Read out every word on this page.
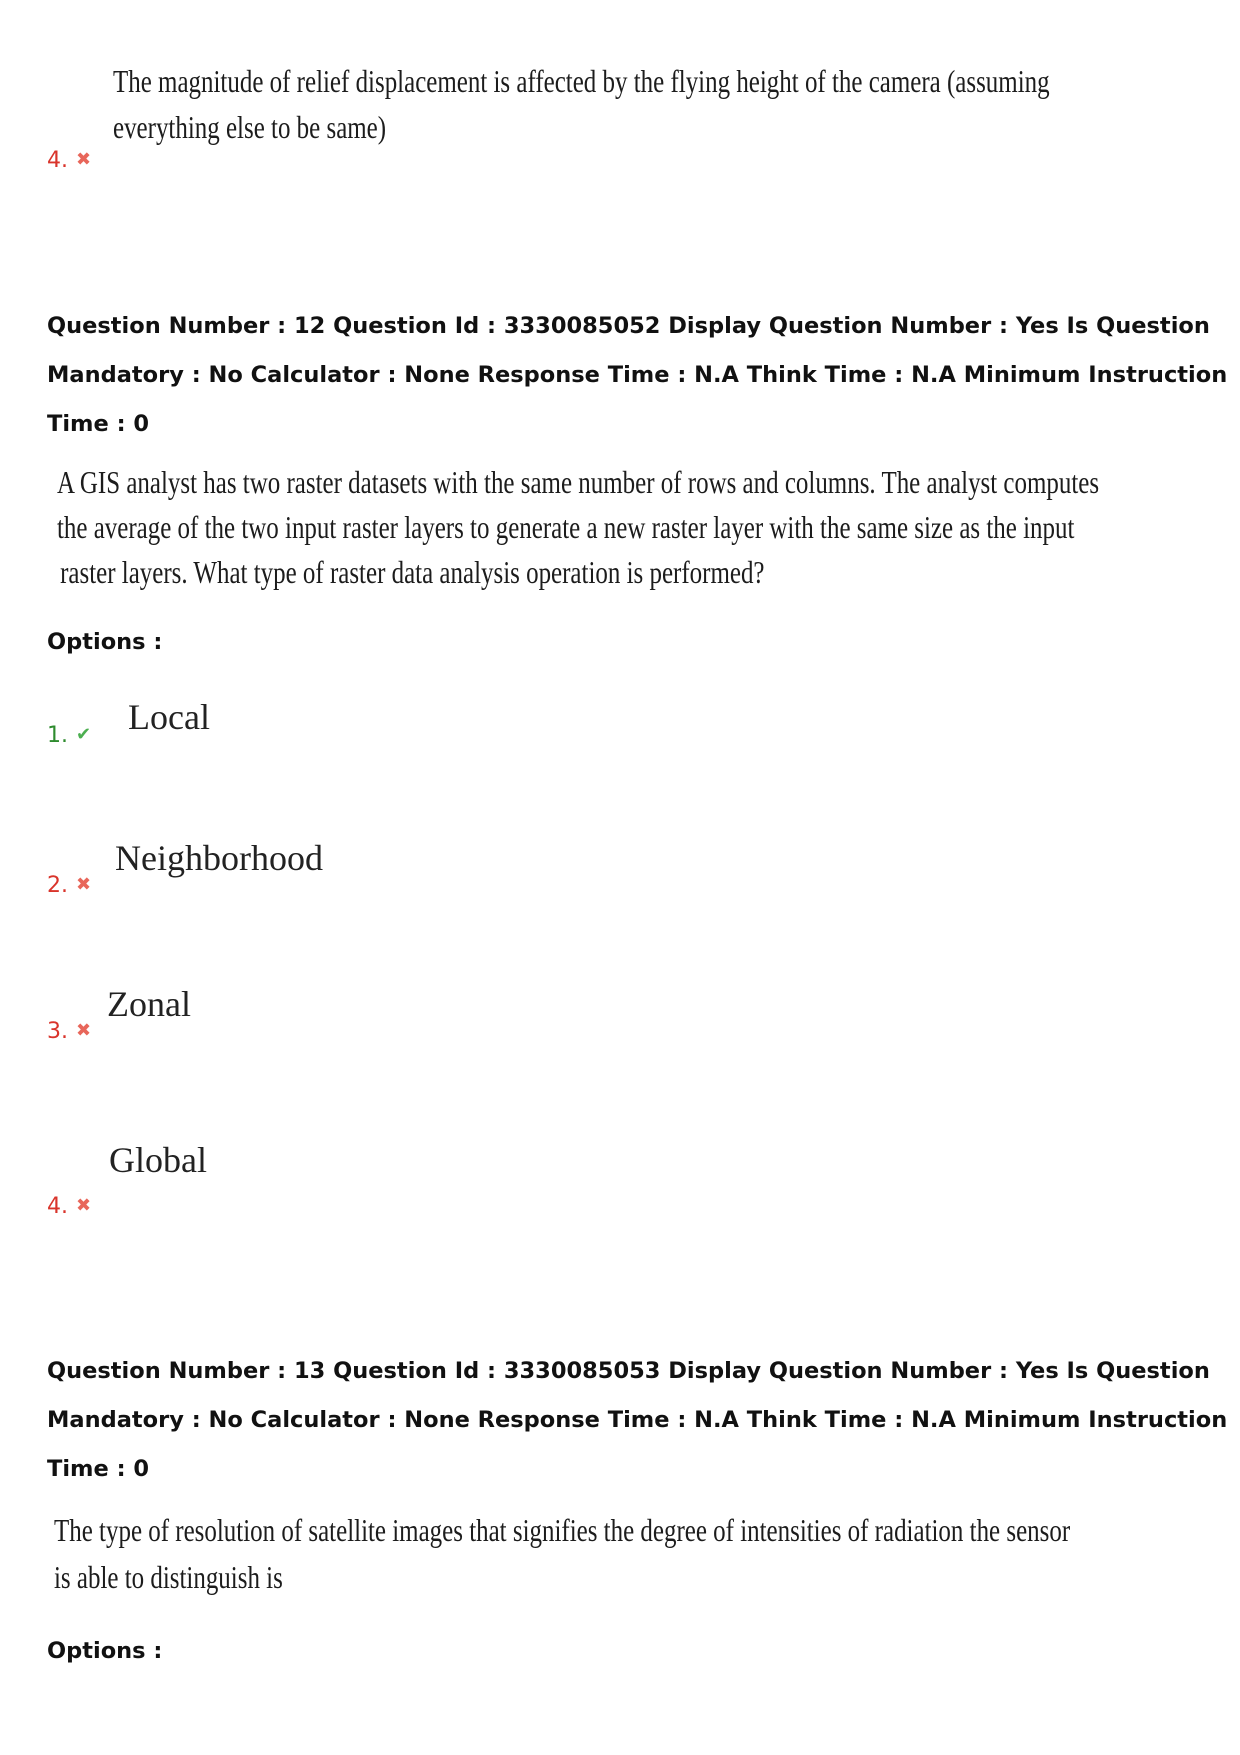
The magnitude of relief displacement is affected by the flying height of the camera (assuming
everything else to be same)
4. ✖
Question Number : 12 Question Id : 3330085052 Display Question Number : Yes Is Question
Mandatory : No Calculator : None Response Time : N.A Think Time : N.A Minimum Instruction
Time : 0
A GIS analyst has two raster datasets with the same number of rows and columns. The analyst computes
the average of the two input raster layers to generate a new raster layer with the same size as the input
raster layers. What type of raster data analysis operation is performed?
Options :
Local
1. ✔
Neighborhood
2. ✖
Zonal
3. ✖
Global
4. ✖
Question Number : 13 Question Id : 3330085053 Display Question Number : Yes Is Question
Mandatory : No Calculator : None Response Time : N.A Think Time : N.A Minimum Instruction
Time : 0
The type of resolution of satellite images that signifies the degree of intensities of radiation the sensor
is able to distinguish is
Options :
